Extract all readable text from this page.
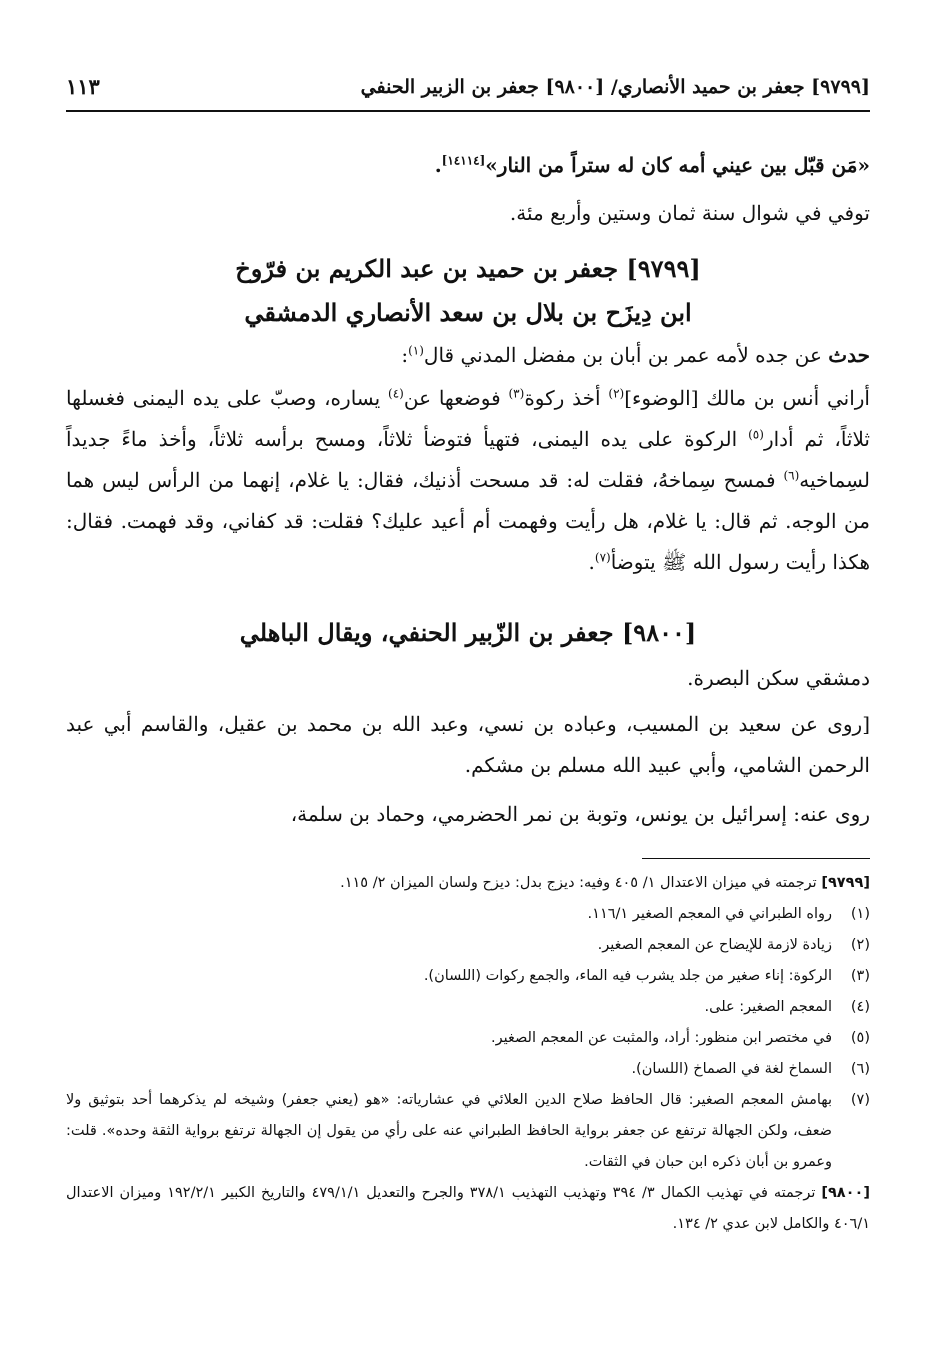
[٩٧٩٩] جعفر بن حميد الأنصاري/ [٩٨٠٠] جعفر بن الزبير الحنفي
١١٣

«مَن قبّل بين عيني أمه كان له ستراً من النار»[١٤١١٤].

توفي في شوال سنة ثمان وستين وأربع مئة.

[٩٧٩٩] جعفر بن حميد بن عبد الكريم بن فرّوخ
ابن دِيزَح بن بلال بن سعد الأنصاري الدمشقي

حدث عن جده لأمه عمر بن أبان بن مفضل المدني قال$^{(١)}$:

أراني أنس بن مالك [الوضوء]$^{(٢)}$ أخذ ركوة$^{(٣)}$ فوضعها عن$^{(٤)}$ يساره، وصبّ على يده اليمنى فغسلها ثلاثاً، ثم أدار$^{(٥)}$ الركوة على يده اليمنى، فتهيأ فتوضأ ثلاثاً، ومسح برأسه ثلاثاً، وأخذ ماءً جديداً لسِماخيه$^{(٦)}$ فمسح سِماخهُ، فقلت له: قد مسحت أذنيك، فقال: يا غلام، إنهما من الرأس ليس هما من الوجه. ثم قال: يا غلام، هل رأيت وفهمت أم أعيد عليك؟ فقلت: قد كفاني، وقد فهمت. فقال: هكذا رأيت رسول الله ﷺ يتوضأ$^{(٧)}$.

[٩٨٠٠] جعفر بن الزّبير الحنفي، ويقال الباهلي

دمشقي سكن البصرة.

[روى عن سعيد بن المسيب، وعباده بن نسي، وعبد الله بن محمد بن عقيل، والقاسم أبي عبد الرحمن الشامي، وأبي عبيد الله مسلم بن مشكم.

روى عنه: إسرائيل بن يونس، وتوبة بن نمر الحضرمي، وحماد بن سلمة،

[٩٧٩٩] ترجمته في ميزان الاعتدال ١/ ٤٠٥ وفيه: ديزج بدل: ديزح ولسان الميزان ٢/ ١١٥.
(١)
رواه الطبراني في المعجم الصغير ١١٦/١.
(٢)
زيادة لازمة للإيضاح عن المعجم الصغير.
(٣)
الركوة: إناء صغير من جلد يشرب فيه الماء، والجمع ركوات (اللسان).
(٤)
المعجم الصغير: على.
(٥)
في مختصر ابن منظور: أراد، والمثبت عن المعجم الصغير.
(٦)
السماخ لغة في الصماخ (اللسان).
(٧)
بهامش المعجم الصغير: قال الحافظ صلاح الدين العلائي في عشارياته: «هو (يعني جعفر) وشيخه لم يذكرهما أحد بتوثيق ولا ضعف، ولكن الجهالة ترتفع عن جعفر برواية الحافظ الطبراني عنه على رأي من يقول إن الجهالة ترتفع برواية الثقة وحده». قلت: وعمرو بن أبان ذكره ابن حبان في الثقات.
[٩٨٠٠] ترجمته في تهذيب الكمال ٣/ ٣٩٤ وتهذيب التهذيب ٣٧٨/١ والجرح والتعديل ٤٧٩/١/١ والتاريخ الكبير ١٩٢/٢/١ وميزان الاعتدال ٤٠٦/١ والكامل لابن عدي ٢/ ١٣٤.
